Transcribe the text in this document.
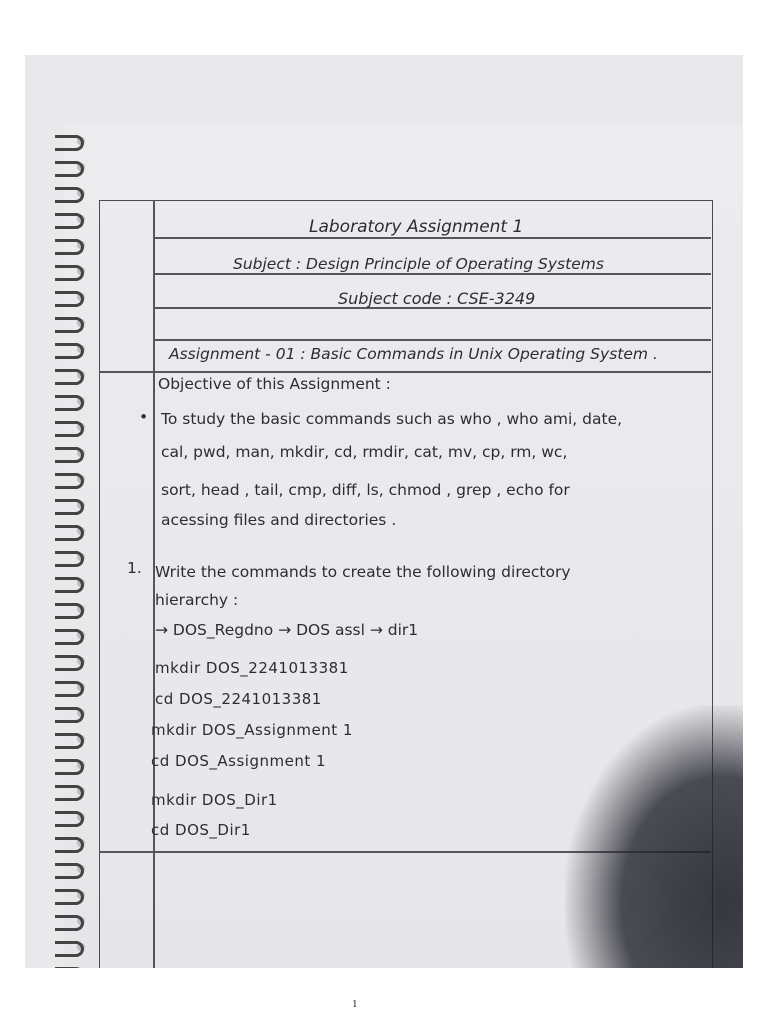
Laboratory Assignment 1
Subject : Design Principle of Operating Systems
Subject code : CSE-3249
Assignment - 01 : Basic Commands in Unix Operating System .
Objective of this Assignment :
• To study the basic commands such as who , who ami, date,
cal, pwd, man, mkdir, cd, rmdir, cat, mv, cp, rm, wc,
sort, head , tail, cmp, diff, ls, chmod , grep , echo for
acessing files and directories .
1. Write the commands to create the following directory
hierarchy :
→ DOS_Regdno → DOS assl → dir1
mkdir DOS_2241013381
cd DOS_2241013381
mkdir DOS_Assignment 1
cd DOS_Assignment 1
mkdir DOS_Dir1
cd DOS_Dir1
1
